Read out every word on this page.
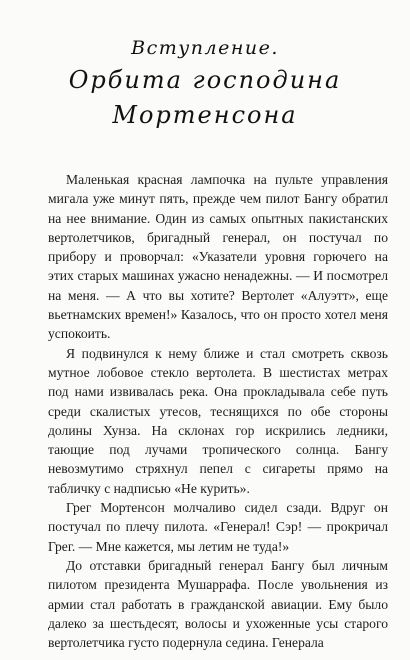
Вступление.
Орбита господина
Мортенсона

Маленькая красная лампочка на пульте управления мигала уже минут пять, прежде чем пилот Бангу обратил на нее внимание. Один из самых опытных пакистанских вертолетчиков, бригадный генерал, он постучал по прибору и проворчал: «Указатели уровня горючего на этих старых машинах ужасно ненадежны. — И посмотрел на меня. — А что вы хотите? Вертолет «Алуэтт», еще вьетнамских времен!» Казалось, что он просто хотел меня успокоить.

Я подвинулся к нему ближе и стал смотреть сквозь мутное лобовое стекло вертолета. В шестистах метрах под нами извивалась река. Она прокладывала себе путь среди скалистых утесов, теснящихся по обе стороны долины Хунза. На склонах гор искрились ледники, тающие под лучами тропического солнца. Бангу невозмутимо стряхнул пепел с сигареты прямо на табличку с надписью «Не курить».

Грег Мортенсон молчаливо сидел сзади. Вдруг он постучал по плечу пилота. «Генерал! Сэр! — прокричал Грег. — Мне кажется, мы летим не туда!»

До отставки бригадный генерал Бангу был личным пилотом президента Мушаррафа. После увольнения из армии стал работать в гражданской авиации. Ему было далеко за шестьдесят, волосы и ухоженные усы старого вертолетчика густо подернула седина. Генерала
